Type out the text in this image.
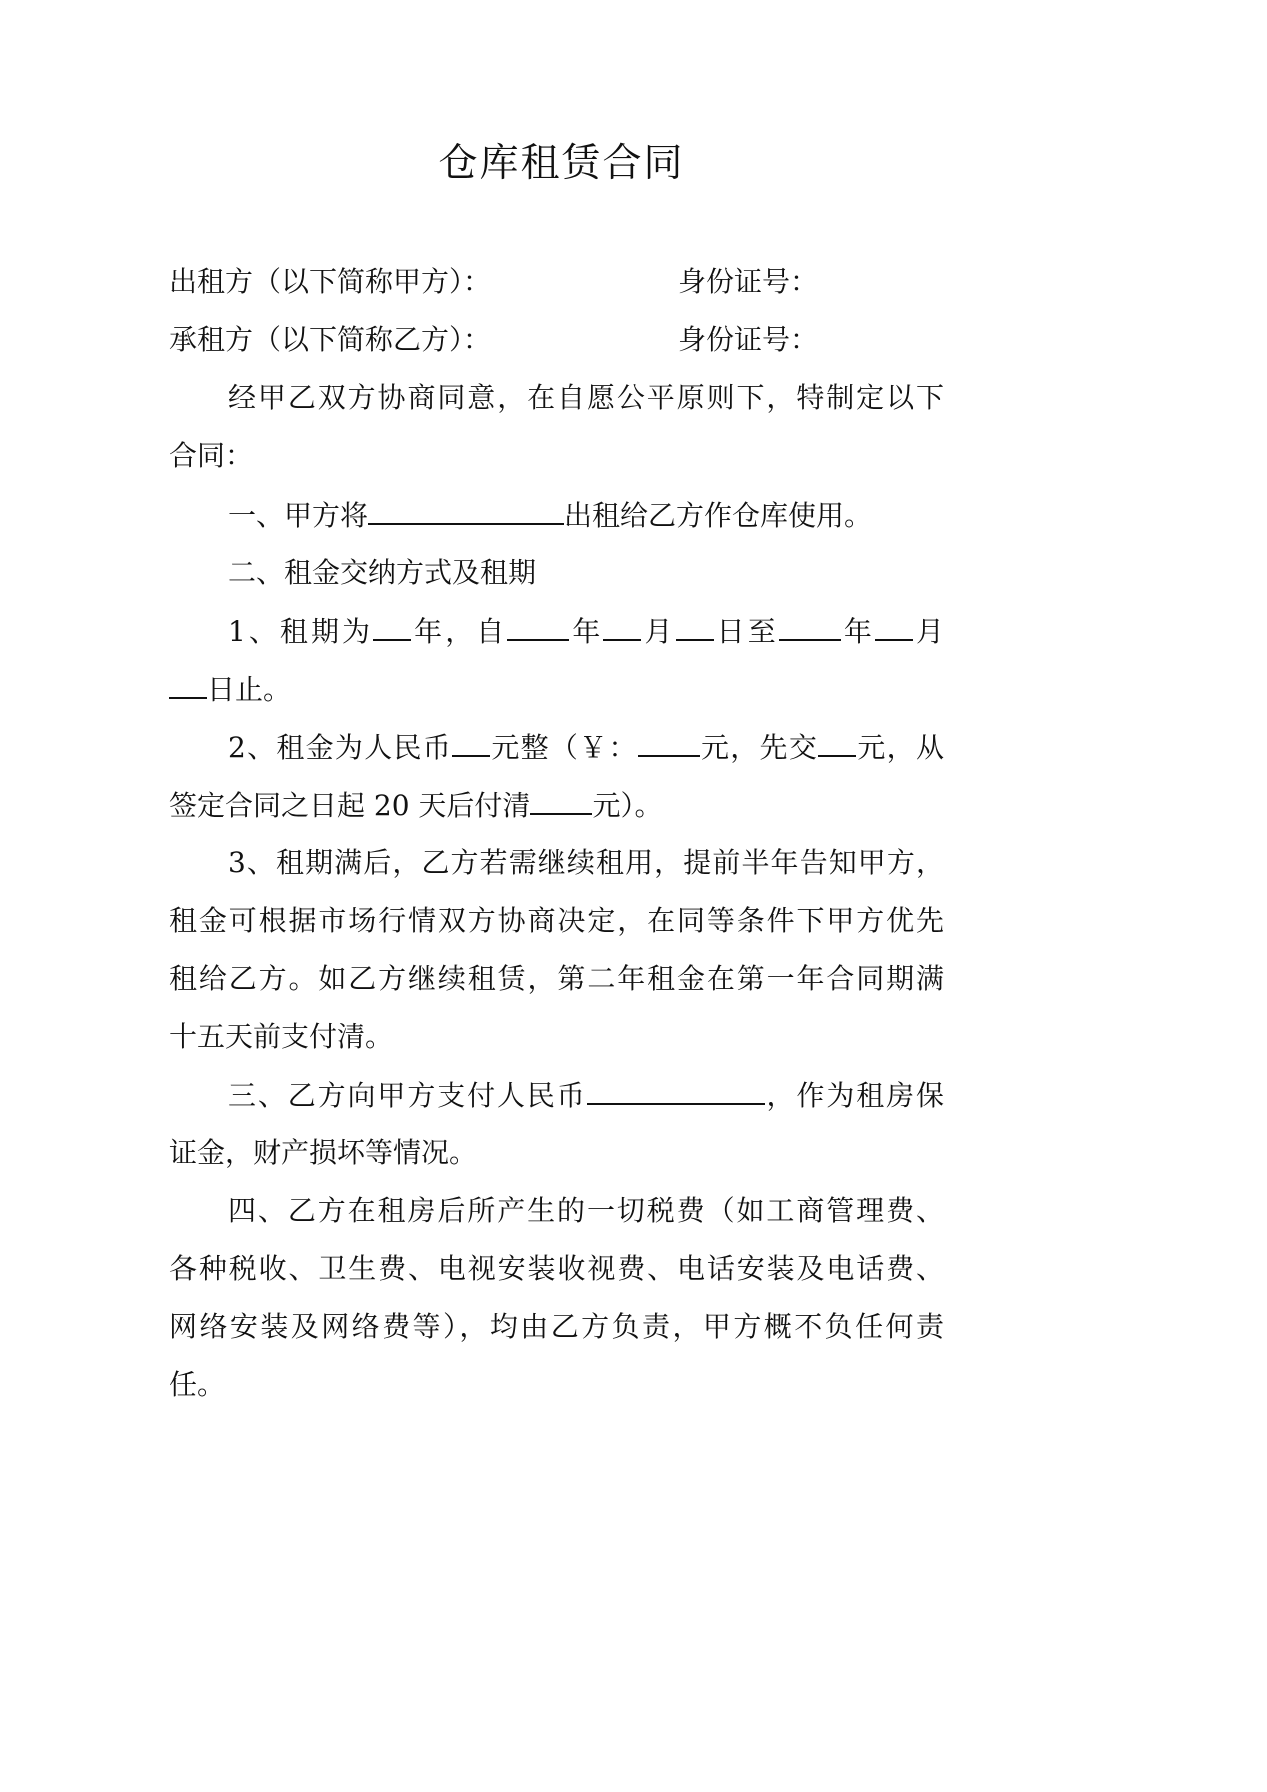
仓库租赁合同
出租方（以下简称甲方）：	身份证号：
承租方（以下简称乙方）：	身份证号：
经甲乙双方协商同意，在自愿公平原则下，特制定以下
合同：
一、甲方将	出租给乙方作仓库使用。
二、租金交纳方式及租期
1、租期为 年，自 年 月 日至 年 月
日止。
2、租金为人民币 元整（￥： 元，先交 元，从
签定合同之日起 20 天后付清 元）。
3、租期满后，乙方若需继续租用，提前半年告知甲方，
租金可根据市场行情双方协商决定，在同等条件下甲方优先
租给乙方。如乙方继续租赁，第二年租金在第一年合同期满
十五天前支付清。
三、乙方向甲方支付人民币	，作为租房保
证金，财产损坏等情况。
四、乙方在租房后所产生的一切税费（如工商管理费、
各种税收、卫生费、电视安装收视费、电话安装及电话费、
网络安装及网络费等），均由乙方负责，甲方概不负任何责
任。
